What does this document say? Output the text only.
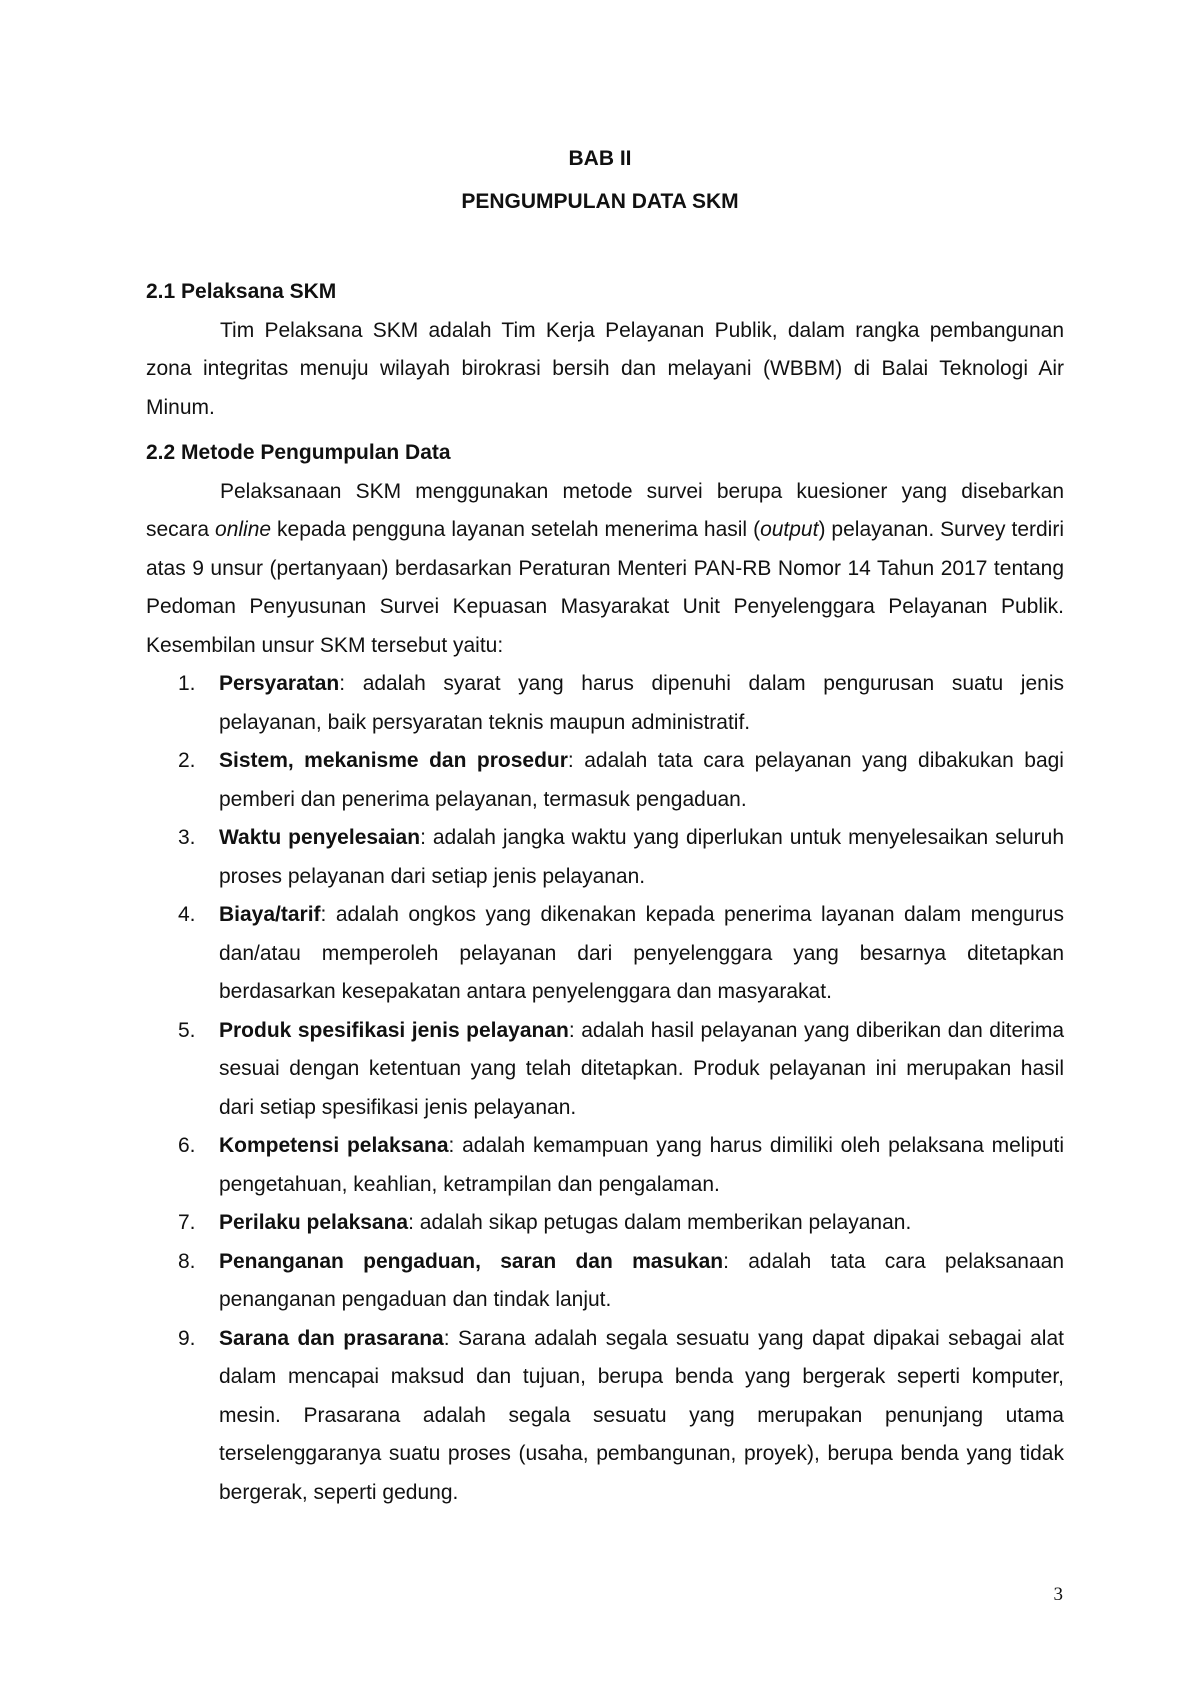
BAB II
PENGUMPULAN DATA SKM
2.1 Pelaksana SKM

Tim Pelaksana SKM adalah Tim Kerja Pelayanan Publik, dalam rangka pembangunan zona integritas menuju wilayah birokrasi bersih dan melayani (WBBM) di Balai Teknologi Air Minum.

2.2 Metode Pengumpulan Data

Pelaksanaan SKM menggunakan metode survei berupa kuesioner yang disebarkan secara online kepada pengguna layanan setelah menerima hasil (output) pelayanan. Survey terdiri atas 9 unsur (pertanyaan) berdasarkan Peraturan Menteri PAN-RB Nomor 14 Tahun 2017 tentang Pedoman Penyusunan Survei Kepuasan Masyarakat Unit Penyelenggara Pelayanan Publik. Kesembilan unsur SKM tersebut yaitu:

1. Persyaratan: adalah syarat yang harus dipenuhi dalam pengurusan suatu jenis pelayanan, baik persyaratan teknis maupun administratif.
2. Sistem, mekanisme dan prosedur: adalah tata cara pelayanan yang dibakukan bagi pemberi dan penerima pelayanan, termasuk pengaduan.
3. Waktu penyelesaian: adalah jangka waktu yang diperlukan untuk menyelesaikan seluruh proses pelayanan dari setiap jenis pelayanan.
4. Biaya/tarif: adalah ongkos yang dikenakan kepada penerima layanan dalam mengurus dan/atau memperoleh pelayanan dari penyelenggara yang besarnya ditetapkan berdasarkan kesepakatan antara penyelenggara dan masyarakat.
5. Produk spesifikasi jenis pelayanan: adalah hasil pelayanan yang diberikan dan diterima sesuai dengan ketentuan yang telah ditetapkan. Produk pelayanan ini merupakan hasil dari setiap spesifikasi jenis pelayanan.
6. Kompetensi pelaksana: adalah kemampuan yang harus dimiliki oleh pelaksana meliputi pengetahuan, keahlian, ketrampilan dan pengalaman.
7. Perilaku pelaksana: adalah sikap petugas dalam memberikan pelayanan.
8. Penanganan pengaduan, saran dan masukan: adalah tata cara pelaksanaan penanganan pengaduan dan tindak lanjut.
9. Sarana dan prasarana: Sarana adalah segala sesuatu yang dapat dipakai sebagai alat dalam mencapai maksud dan tujuan, berupa benda yang bergerak seperti komputer, mesin. Prasarana adalah segala sesuatu yang merupakan penunjang utama terselenggaranya suatu proses (usaha, pembangunan, proyek), berupa benda yang tidak bergerak, seperti gedung.
3
